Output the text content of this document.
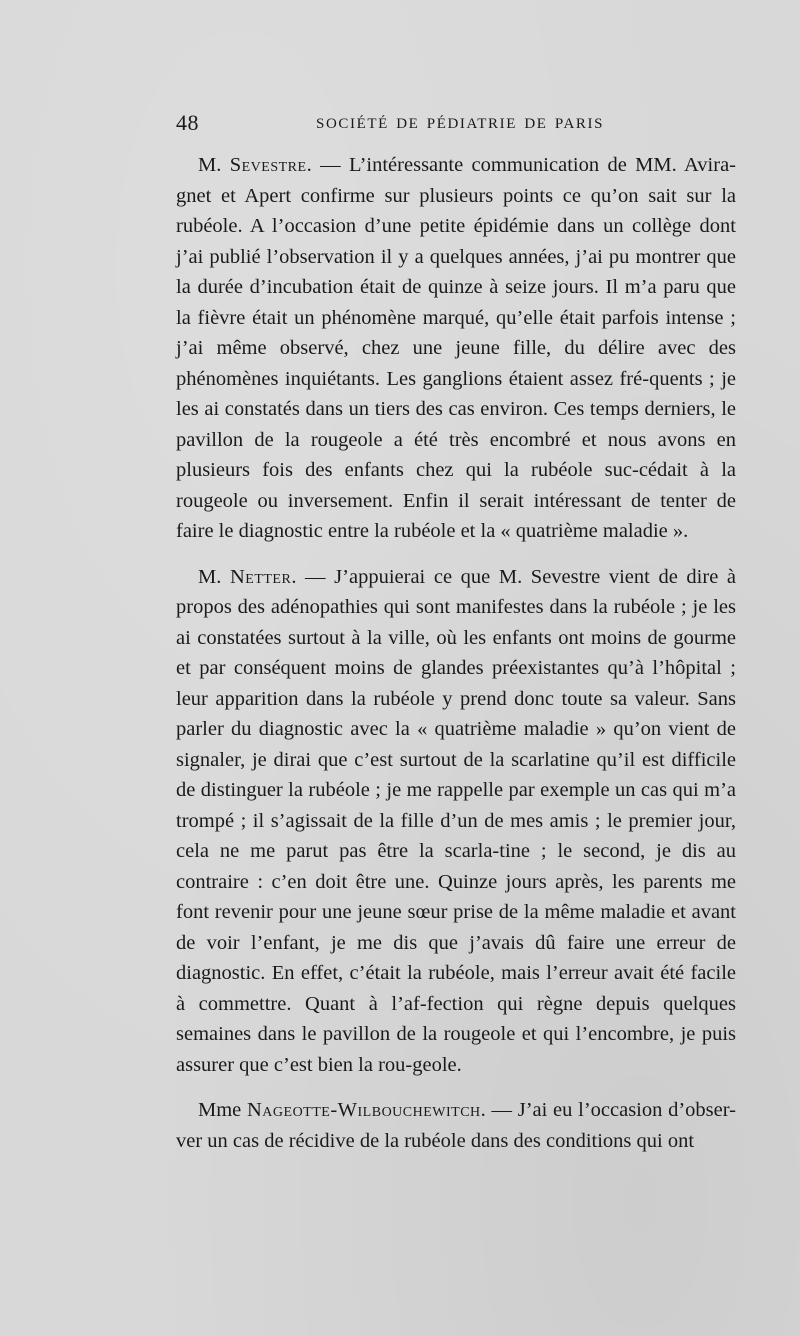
48	SOCIÉTÉ DE PÉDIATRIE DE PARIS

M. Sevestre. — L’intéressante communication de MM. Avira-gnet et Apert confirme sur plusieurs points ce qu’on sait sur la rubéole. A l’occasion d’une petite épidémie dans un collège dont j’ai publié l’observation il y a quelques années, j’ai pu montrer que la durée d’incubation était de quinze à seize jours. Il m’a paru que la fièvre était un phénomène marqué, qu’elle était parfois intense ; j’ai même observé, chez une jeune fille, du délire avec des phénomènes inquiétants. Les ganglions étaient assez fré-quents ; je les ai constatés dans un tiers des cas environ. Ces temps derniers, le pavillon de la rougeole a été très encombré et nous avons en plusieurs fois des enfants chez qui la rubéole suc-cédait à la rougeole ou inversement. Enfin il serait intéressant de tenter de faire le diagnostic entre la rubéole et la « quatrième maladie ».

M. Netter. — J’appuierai ce que M. Sevestre vient de dire à propos des adénopathies qui sont manifestes dans la rubéole ; je les ai constatées surtout à la ville, où les enfants ont moins de gourme et par conséquent moins de glandes préexistantes qu’à l’hôpital ; leur apparition dans la rubéole y prend donc toute sa valeur. Sans parler du diagnostic avec la « quatrième maladie » qu’on vient de signaler, je dirai que c’est surtout de la scarlatine qu’il est difficile de distinguer la rubéole ; je me rappelle par exemple un cas qui m’a trompé ; il s’agissait de la fille d’un de mes amis ; le premier jour, cela ne me parut pas être la scarla-tine ; le second, je dis au contraire : c’en doit être une. Quinze jours après, les parents me font revenir pour une jeune sœur prise de la même maladie et avant de voir l’enfant, je me dis que j’avais dû faire une erreur de diagnostic. En effet, c’était la rubéole, mais l’erreur avait été facile à commettre. Quant à l’af-fection qui règne depuis quelques semaines dans le pavillon de la rougeole et qui l’encombre, je puis assurer que c’est bien la rou-geole.

Mme Nageotte-Wilbouchewitch. — J’ai eu l’occasion d’obser-ver un cas de récidive de la rubéole dans des conditions qui ont
